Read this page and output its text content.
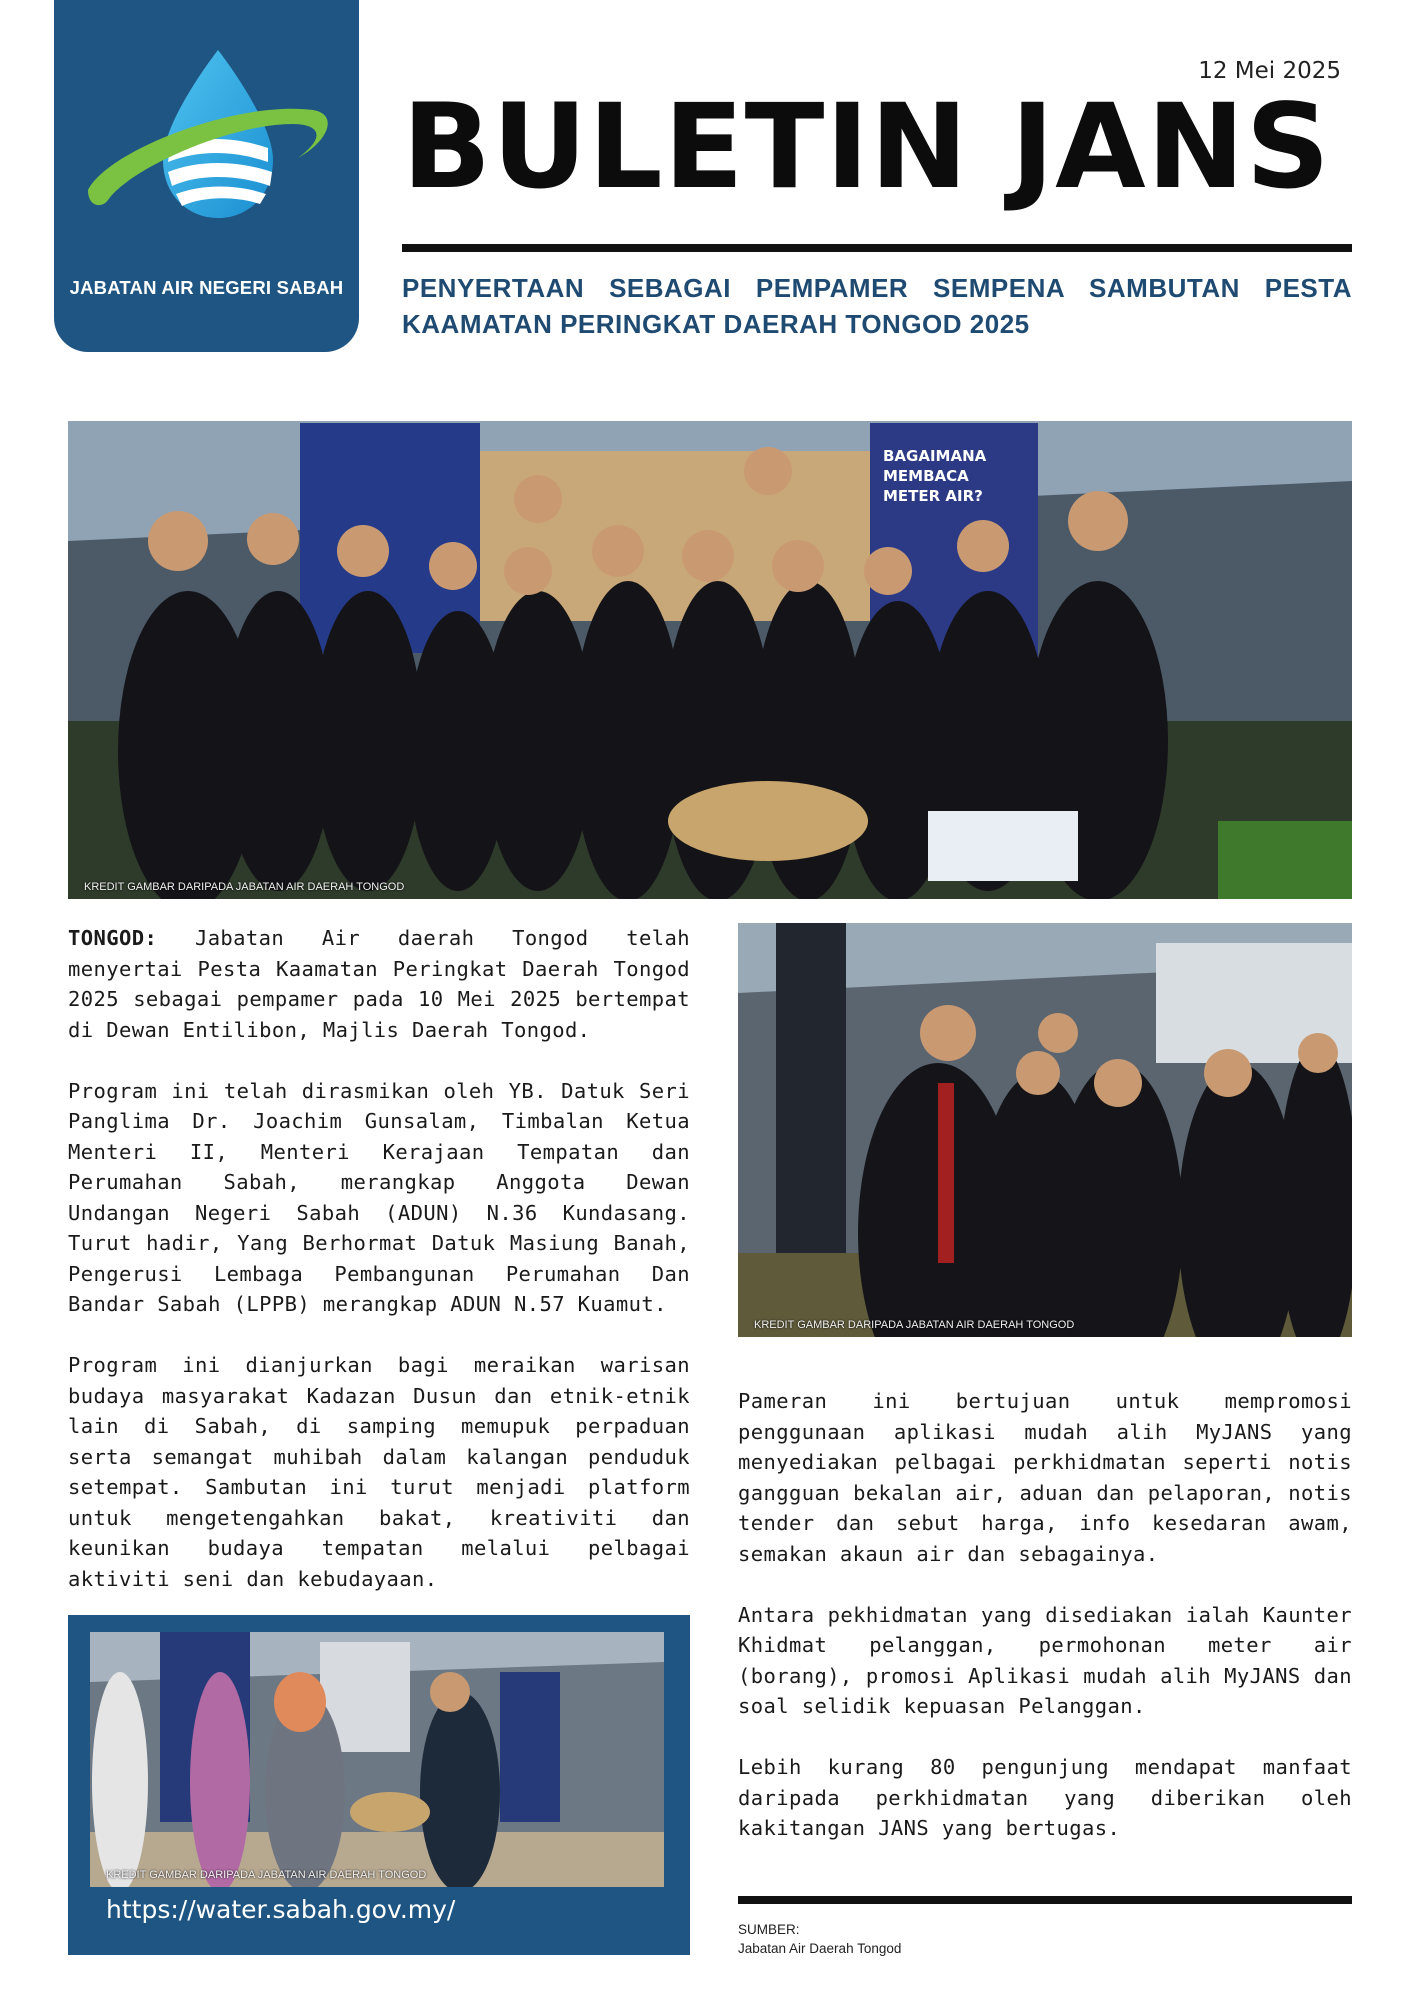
JABATAN AIR NEGERI SABAH
12 Mei 2025
BULETIN JANS
PENYERTAAN SEBAGAI PEMPAMER SEMPENA SAMBUTAN PESTA KAAMATAN PERINGKAT DAERAH TONGOD 2025
BAGAIMANA
MEMBACA
METER AIR?
KREDIT GAMBAR DARIPADA JABATAN AIR DAERAH TONGOD

TONGOD: Jabatan Air daerah Tongod telah menyertai Pesta Kaamatan Peringkat Daerah Tongod 2025 sebagai pempamer pada 10 Mei 2025 bertempat di Dewan Entilibon, Majlis Daerah Tongod.

Program ini telah dirasmikan oleh YB. Datuk Seri Panglima Dr. Joachim Gunsalam, Timbalan Ketua Menteri II, Menteri Kerajaan Tempatan dan Perumahan Sabah, merangkap Anggota Dewan Undangan Negeri Sabah (ADUN) N.36 Kundasang. Turut hadir, Yang Berhormat Datuk Masiung Banah, Pengerusi Lembaga Pembangunan Perumahan Dan Bandar Sabah (LPPB) merangkap ADUN N.57 Kuamut.

Program ini dianjurkan bagi meraikan warisan budaya masyarakat Kadazan Dusun dan etnik-etnik lain di Sabah, di samping memupuk perpaduan serta semangat muhibah dalam kalangan penduduk setempat. Sambutan ini turut menjadi platform untuk mengetengahkan bakat, kreativiti dan keunikan budaya tempatan melalui pelbagai aktiviti seni dan kebudayaan.

KREDIT GAMBAR DARIPADA JABATAN AIR DAERAH TONGOD

Pameran ini bertujuan untuk mempromosi penggunaan aplikasi mudah alih MyJANS yang menyediakan pelbagai perkhidmatan seperti notis gangguan bekalan air, aduan dan pelaporan, notis tender dan sebut harga, info kesedaran awam, semakan akaun air dan sebagainya.

Antara pekhidmatan yang disediakan ialah Kaunter Khidmat pelanggan, permohonan meter air (borang), promosi Aplikasi mudah alih MyJANS dan soal selidik kepuasan Pelanggan.

Lebih kurang 80 pengunjung mendapat manfaat daripada perkhidmatan yang diberikan oleh kakitangan JANS yang bertugas.

KREDIT GAMBAR DARIPADA JABATAN AIR DAERAH TONGOD
https://water.sabah.gov.my/
SUMBER:
Jabatan Air Daerah Tongod
